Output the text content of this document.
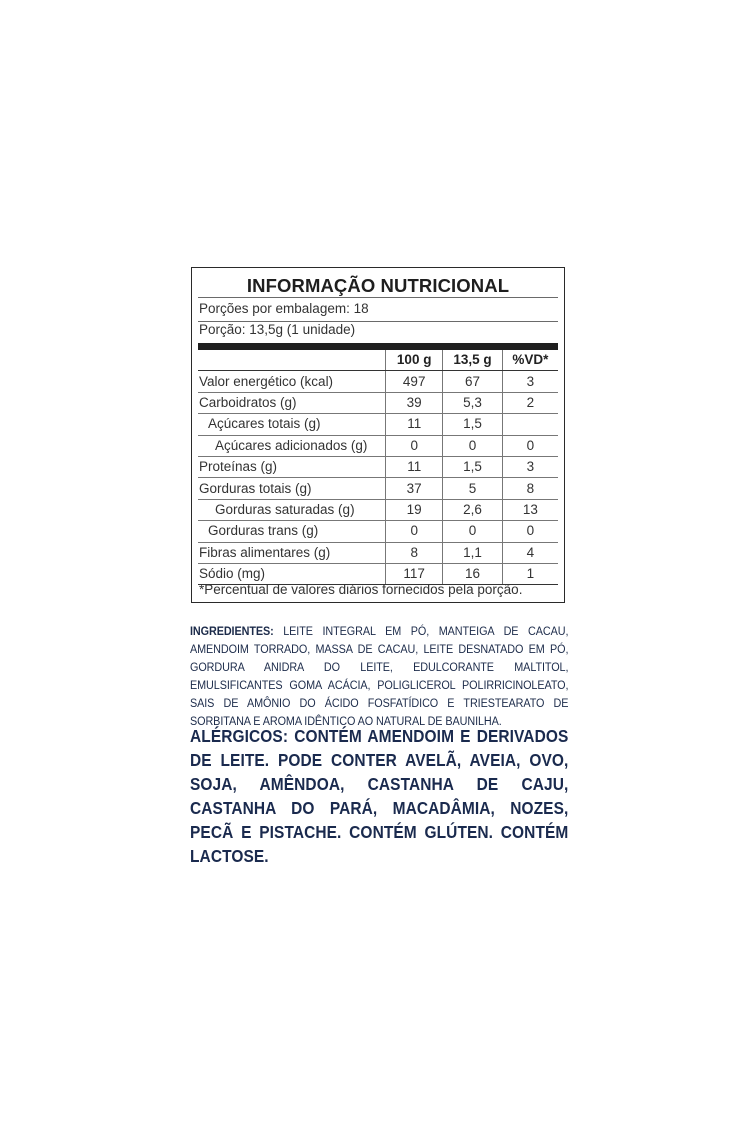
INFORMAÇÃO NUTRICIONAL
Porções por embalagem: 18
Porção: 13,5g (1 unidade)
	100 g	13,5 g	%VD*
Valor energético (kcal)	497	67	3
Carboidratos (g)	39	5,3	2
Açúcares totais (g)	11	1,5	
Açúcares adicionados (g)	0	0	0
Proteínas (g)	11	1,5	3
Gorduras totais (g)	37	5	8
Gorduras saturadas (g)	19	2,6	13
Gorduras trans (g)	0	0	0
Fibras alimentares (g)	8	1,1	4
Sódio (mg)	117	16	1
*Percentual de valores diários fornecidos pela porção.
INGREDIENTES: LEITE INTEGRAL EM PÓ, MANTEIGA DE CACAU, AMENDOIM TORRADO, MASSA DE CACAU, LEITE DESNATADO EM PÓ, GORDURA ANIDRA DO LEITE, EDULCORANTE MALTITOL, EMULSIFICANTES GOMA ACÁCIA, POLIGLICEROL POLIRRICINOLEATO, SAIS DE AMÔNIO DO ÁCIDO FOSFATÍDICO E TRIESTEARATO DE SORBITANA E AROMA IDÊNTICO AO NATURAL DE BAUNILHA.
ALÉRGICOS: CONTÉM AMENDOIM E DERIVADOS DE LEITE. PODE CONTER AVELÃ, AVEIA, OVO, SOJA, AMÊNDOA, CASTANHA DE CAJU, CASTANHA DO PARÁ, MACADÂMIA, NOZES, PECÃ E PISTACHE. CONTÉM GLÚTEN. CONTÉM LACTOSE.
